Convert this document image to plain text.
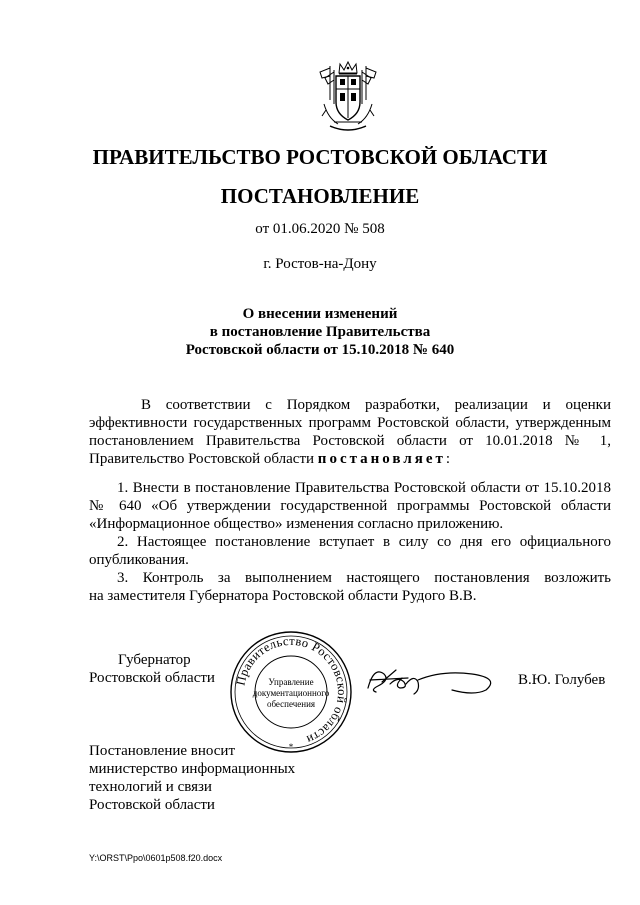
ПРАВИТЕЛЬСТВО РОСТОВСКОЙ ОБЛАСТИ
ПОСТАНОВЛЕНИЕ
от 01.06.2020 № 508
г. Ростов-на-Дону
О внесении изменений
в постановление Правительства
Ростовской области от 15.10.2018 № 640
В соответствии с Порядком разработки, реализации и оценки
эффективности государственных программ Ростовской области, утвержденным
постановлением Правительства Ростовской области от 10.01.2018 № 1,
Правительство Ростовской области постановляет:
1. Внести в постановление Правительства Ростовской области от 15.10.2018
№ 640 «Об утверждении государственной программы Ростовской области
«Информационное общество» изменения согласно приложению.
2. Настоящее постановление вступает в силу со дня его официального
опубликования.
3. Контроль за выполнением настоящего постановления возложить
на заместителя Губернатора Ростовской области Рудого В.В.
Губернатор
Ростовской области Правительство Ростовской области
Управление
документационного
обеспечения
*
В.Ю. Голубев
Постановление вносит
министерство информационных
технологий и связи
Ростовской области
Y:\ORST\Ppo\0601p508.f20.docx
